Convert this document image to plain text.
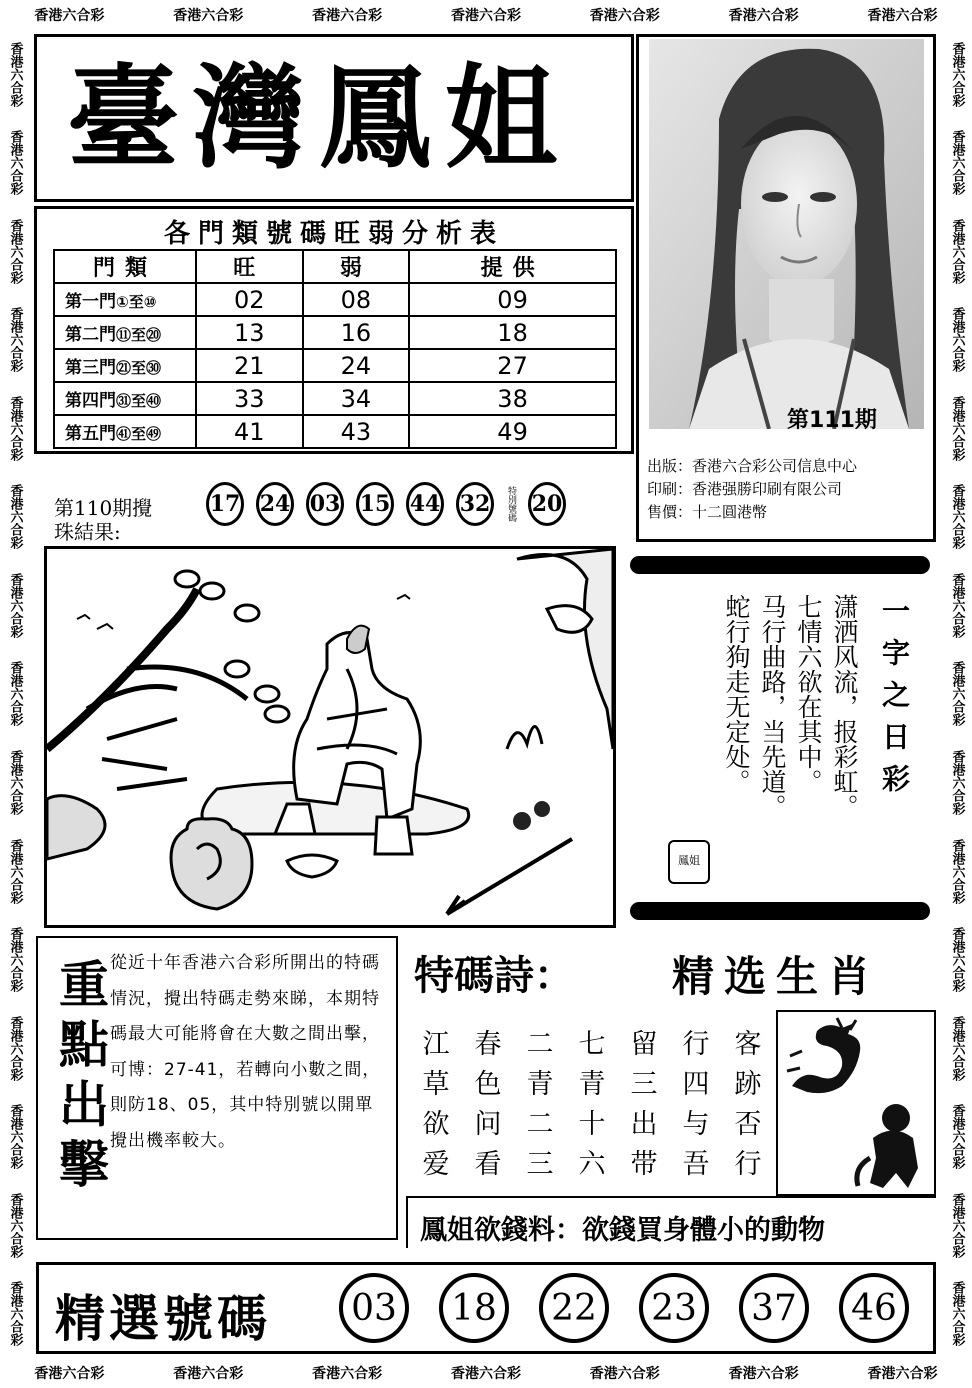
香港六合彩	香港六合彩	香港六合彩	香港六合彩	香港六合彩	香港六合彩	香港六合彩
香港六合彩	香港六合彩	香港六合彩	香港六合彩	香港六合彩	香港六合彩	香港六合彩
香港六合彩
香港六合彩
香港六合彩
香港六合彩
香港六合彩
香港六合彩
香港六合彩
香港六合彩
香港六合彩
香港六合彩
香港六合彩
香港六合彩
香港六合彩
香港六合彩
香港六合彩
香港六合彩
香港六合彩
香港六合彩
香港六合彩
香港六合彩
香港六合彩
香港六合彩
香港六合彩
香港六合彩
香港六合彩
香港六合彩
香港六合彩
香港六合彩
香港六合彩
香港六合彩
臺灣鳳姐
第111期
出版：香港六合彩公司信息中心
印刷：香港强勝印刷有限公司
售價：十二圓港幣
各門類號碼旺弱分析表
門類	旺	弱	提供
第一門①至⑩	02	08	09
第二門⑪至⑳	13	16	18
第三門㉑至㉚	21	24	27
第四門㉛至㊵	33	34	38
第五門㊶至㊾	41	43	49
第110期攪
珠結果:
17 24 03 15 44 32	特別號碼 20
一字之日彩
潇洒风流，报彩虹。
七情六欲在其中。
马行曲路，当先道。
蛇行狗走无定处。
鳳姐
重點出擊 從近十年香港六合彩所開出的特碼情況，攪出特碼走勢來睇，本期特碼最大可能將會在大數之間出擊，可博：27-41，若轉向小數之間，則防18、05，其中特別號以開單攪出機率較大。
特碼詩： 精选生肖
江 春 二 七 留 行 客
草 色 青 青 三 四 跡
欲 问 二 十 出 与 否
爱 看 三 六 带 吾 行
鳳姐欲錢料：欲錢買身體小的動物
精選號碼	03	18	22	23	37	46
